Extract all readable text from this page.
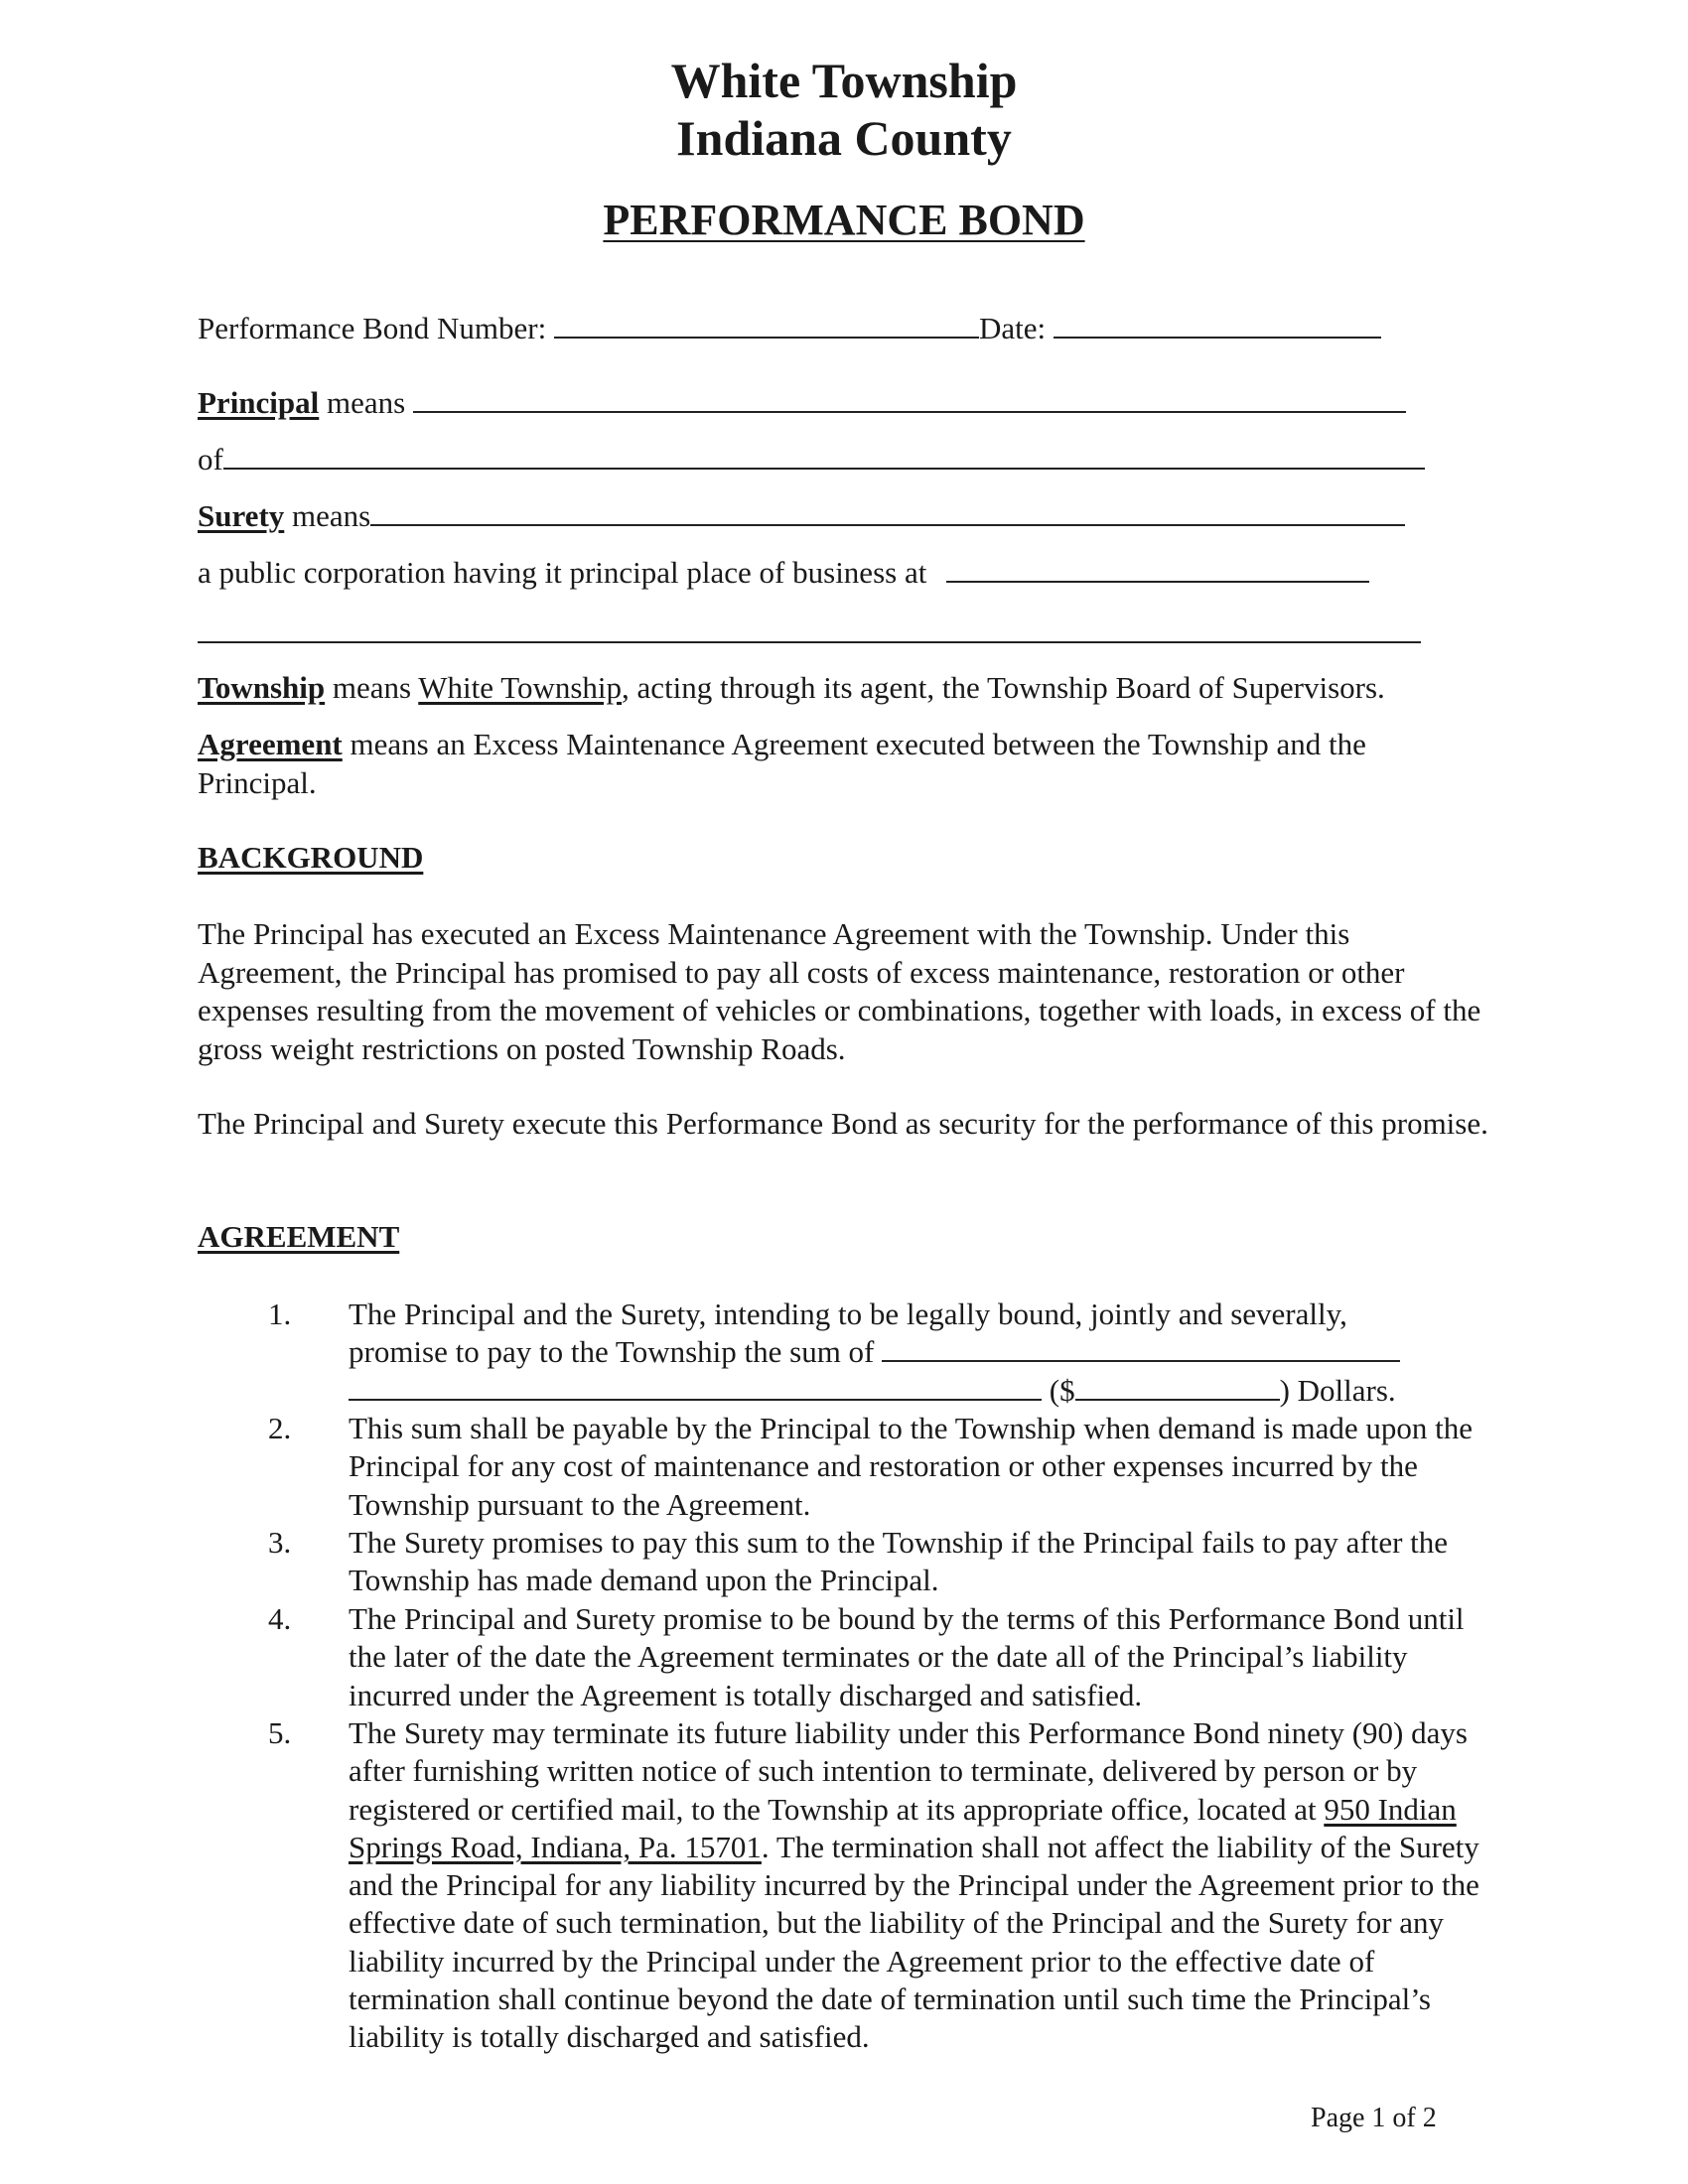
White Township
Indiana County
PERFORMANCE BOND
Performance Bond Number:	Date:
Principal means
of
Surety means
a public corporation having it principal place of business at
Township means White Township, acting through its agent, the Township Board of Supervisors.

Agreement means an Excess Maintenance Agreement executed between the Township and the Principal.

BACKGROUND

The Principal has executed an Excess Maintenance Agreement with the Township. Under this Agreement, the Principal has promised to pay all costs of excess maintenance, restoration or other expenses resulting from the movement of vehicles or combinations, together with loads, in excess of the gross weight restrictions on posted Township Roads.

The Principal and Surety execute this Performance Bond as security for the performance of this promise.

AGREEMENT
1.	The Principal and the Surety, intending to be legally bound, jointly and severally,
promise to pay to the Township the sum of
($	) Dollars.
2.	This sum shall be payable by the Principal to the Township when demand is made upon the Principal for any cost of maintenance and restoration or other expenses incurred by the Township pursuant to the Agreement.
3.	The Surety promises to pay this sum to the Township if the Principal fails to pay after the Township has made demand upon the Principal.
4.	The Principal and Surety promise to be bound by the terms of this Performance Bond until the later of the date the Agreement terminates or the date all of the Principal’s liability incurred under the Agreement is totally discharged and satisfied.
5.	The Surety may terminate its future liability under this Performance Bond ninety (90) days after furnishing written notice of such intention to terminate, delivered by person or by registered or certified mail, to the Township at its appropriate office, located at 950 Indian Springs Road, Indiana, Pa. 15701. The termination shall not affect the liability of the Surety and the Principal for any liability incurred by the Principal under the Agreement prior to the effective date of such termination, but the liability of the Principal and the Surety for any liability incurred by the Principal under the Agreement prior to the effective date of termination shall continue beyond the date of termination until such time the Principal’s liability is totally discharged and satisfied.
Page 1 of 2
